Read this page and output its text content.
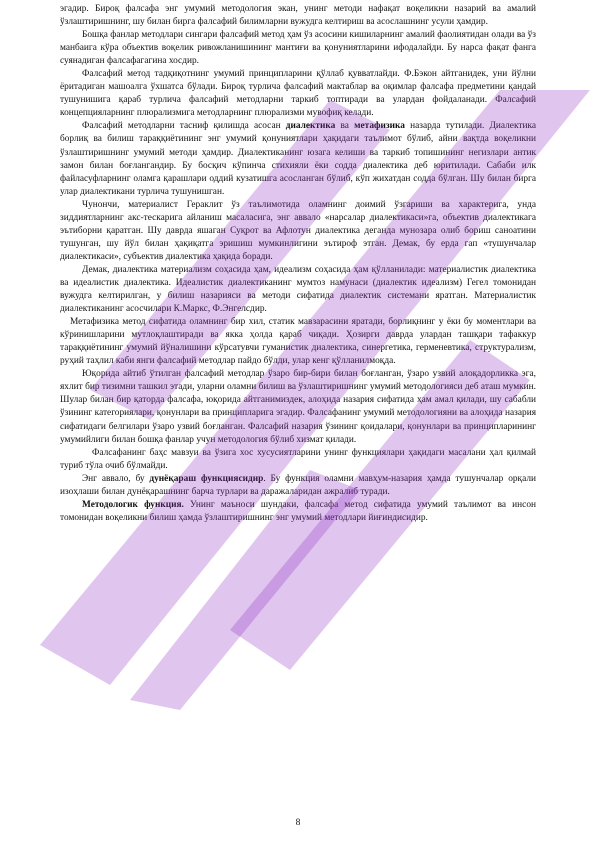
эгадир. Бироқ фалсафа энг умумий методология экан, унинг методи нафақат воқеликни назарий ва амалий ўзлаштиришнинг, шу билан бирга фалсафий билимларни вужудга келтириш ва асослашнинг усули ҳамдир.

Бошқа фанлар методлари сингари фалсафий метод ҳам ўз асосини кишиларнинг амалий фаолиятидан олади ва ўз манбаига кўра объектив воқелик ривожланишининг мантиғи ва қонуниятларини ифодалайди. Бу нарса фақат фанга суянадиган фалсафагагина хосдир.

Фалсафий метод тадқиқотнинг умумий принципларини қўллаб қувватлайди. Ф.Бэкон айтганидек, уни йўлни ёритадиган машоалга ўхшатса бўлади. Бироқ турлича фалсафий мактаблар ва оқимлар фалсафа предметини қандай тушунишига қараб турлича фалсафий методларни таркиб топтиради ва улардан фойдаланади. Фалсафий концепцияларнинг плюрализмига методларнинг плюрализми мувофиқ келади.

Фалсафий методларни тасниф қилишда асосан диалектика ва метафизика назарда тутилади. Диалектика борлиқ ва билиш тараққиётининг энг умумий қонуниятлари ҳақидаги таълимот бўлиб, айни вақтда воқеликни ўзлаштиришнинг умумий методи ҳамдир. Диалектиканинг юзага келиши ва таркиб топишининг негизлари антик замон билан боғлангандир. Бу босқич кўпинча стихияли ёки содда диалектика деб юритилади. Сабаби илк файласуфларнинг оламга қарашлари оддий кузатишга асосланган бўлиб, кўп жихатдан содда бўлган. Шу билан бирга улар диалектикани турлича тушунишган.

Чунончи, материалист Гераклит ўз таълимотида оламнинг доимий ўзгариши ва характерига, унда зиддиятларнинг акс-тескарига айланиш масаласига, энг аввало «нарсалар диалектикаси»га, объектив диалектикага эътиборни қаратган. Шу даврда яшаган Суқрот ва Афлотун диалектика деганда мунозара олиб бориш саноатини тушунган, шу йўл билан ҳақиқатга эришиш мумкинлигини эътироф этган. Демак, бу ерда гап «тушунчалар диалектикаси», субъектив диалектика ҳақида боради.

Демак, диалектика материализм соҳасида ҳам, идеализм соҳасида ҳам қўлланилади: материалистик диалектика ва идеалистик диалектика. Идеалистик диалектиканинг мумтоз намунаси (диалектик идеализм) Гегел томонидан вужудга келтирилган, у билиш назарияси ва методи сифатида диалектик системани яратган. Материалистик диалектиканинг асосчилари К.Маркс, Ф.Энгелсдир.

Метафизика метод сифатида оламнинг бир хил, статик мавзарасини яратади, борлиқнинг у ёки бу моментлари ва кўринишларини мутлоқлаштиради ва якка ҳолда қараб чиқади. Ҳозирги даврда улардан ташқари тафаккур тараққиётининг умумий йўналишини кўрсатувчи гуманистик диалектика, синергетика, герменевтика, структурализм, руҳий таҳлил каби янги фалсафий методлар пайдо бўлди, улар кенг қўлланилмоқда.

Юқорида айтиб ўтилган фалсафий методлар ўзаро бир-бири билан боғланган, ўзаро узвий алоқадорликка эга, яхлит бир тизимни ташкил этади, уларни оламни билиш ва ўзлаштиришнинг умумий методологияси деб аташ мумкин. Шулар билан бир қаторда фалсафа, юқорида айтганимиздек, алоҳида назария сифатида ҳам амал қилади, шу сабабли ўзининг категориялари, қонунлари ва принципларига эгадир. Фалсафанинг умумий методологияни ва алоҳида назария сифатидаги белгилари ўзаро узвий боғланган. Фалсафий назария ўзининг қоидалари, қонунлари ва принципларининг умумийлиги билан бошқа фанлар учун методология бўлиб хизмат қилади.

Фалсафанинг баҳс мавзуи ва ўзига хос хусусиятларини унинг функциялари ҳақидаги масалани ҳал қилмай туриб тўла очиб бўлмайди.

Энг аввало, бу дунёқараш функциясидир. Бу функция оламни мавҳум-назария ҳамда тушунчалар орқали изоҳлаши билан дунёқарашнинг барча турлари ва даражаларидан ажралиб туради.

Методологик функция. Унинг маъноси шундаки, фалсафа метод сифатида умумий таълимот ва инсон томонидан воқеликни билиш ҳамда ўзлаштиришнинг энг умумий методлари йиғиндисидир.

8
